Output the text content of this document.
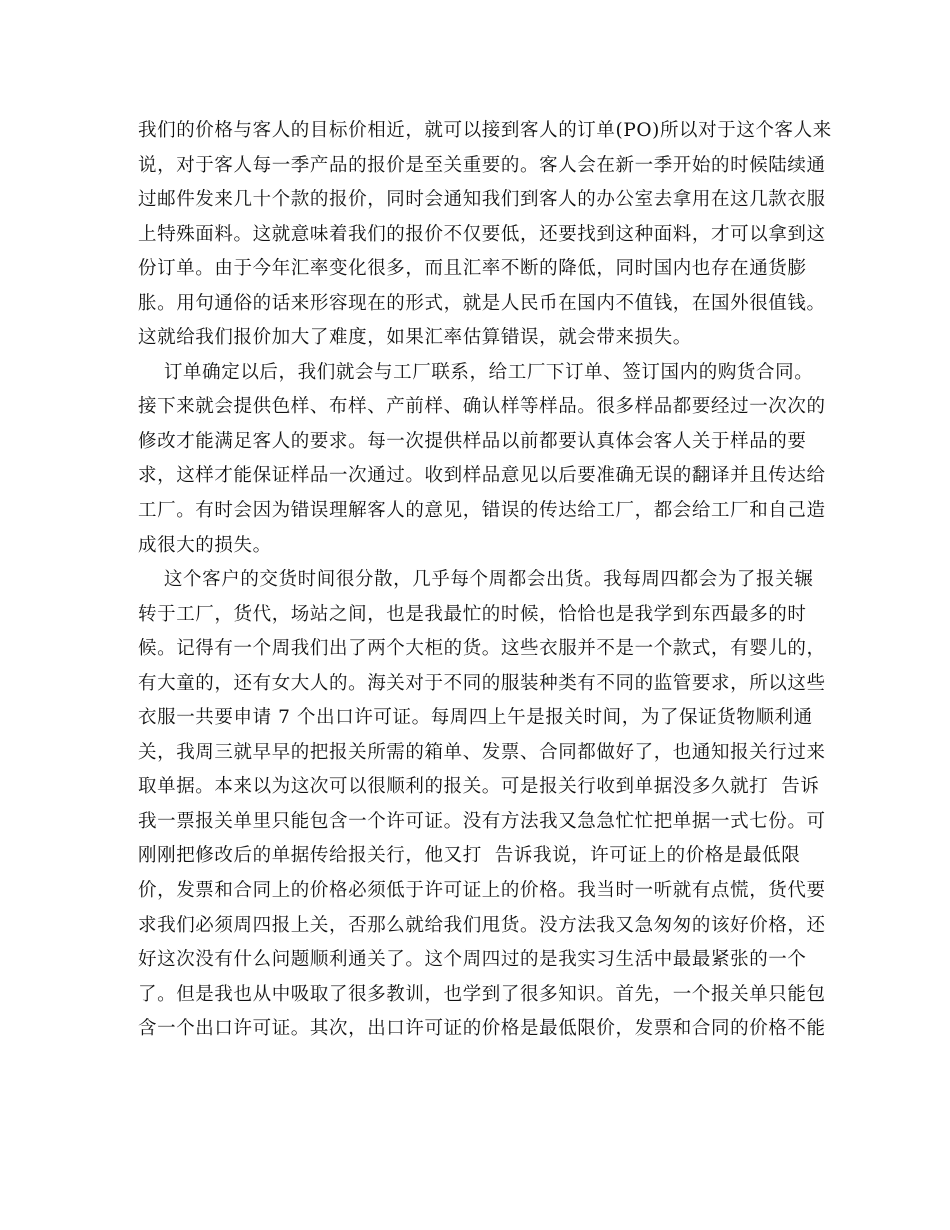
我们的价格与客人的目标价相近，就可以接到客人的订单(PO)所以对于这个客人来
说，对于客人每一季产品的报价是至关重要的。客人会在新一季开始的时候陆续通
过邮件发来几十个款的报价，同时会通知我们到客人的办公室去拿用在这几款衣服
上特殊面料。这就意味着我们的报价不仅要低，还要找到这种面料，才可以拿到这
份订单。由于今年汇率变化很多，而且汇率不断的降低，同时国内也存在通货膨
胀。用句通俗的话来形容现在的形式，就是人民币在国内不值钱，在国外很值钱。
这就给我们报价加大了难度，如果汇率估算错误，就会带来损失。
订单确定以后，我们就会与工厂联系，给工厂下订单、签订国内的购货合同。
接下来就会提供色样、布样、产前样、确认样等样品。很多样品都要经过一次次的
修改才能满足客人的要求。每一次提供样品以前都要认真体会客人关于样品的要
求，这样才能保证样品一次通过。收到样品意见以后要准确无误的翻译并且传达给
工厂。有时会因为错误理解客人的意见，错误的传达给工厂，都会给工厂和自己造
成很大的损失。
这个客户的交货时间很分散，几乎每个周都会出货。我每周四都会为了报关辗
转于工厂，货代，场站之间，也是我最忙的时候，恰恰也是我学到东西最多的时
候。记得有一个周我们出了两个大柜的货。这些衣服并不是一个款式，有婴儿的，
有大童的，还有女大人的。海关对于不同的服装种类有不同的监管要求，所以这些
衣服一共要申请 7 个出口许可证。每周四上午是报关时间，为了保证货物顺利通
关，我周三就早早的把报关所需的箱单、发票、合同都做好了，也通知报关行过来
取单据。本来以为这次可以很顺利的报关。可是报关行收到单据没多久就打  告诉
我一票报关单里只能包含一个许可证。没有方法我又急急忙忙把单据一式七份。可
刚刚把修改后的单据传给报关行，他又打  告诉我说，许可证上的价格是最低限
价，发票和合同上的价格必须低于许可证上的价格。我当时一听就有点慌，货代要
求我们必须周四报上关，否那么就给我们甩货。没方法我又急匆匆的该好价格，还
好这次没有什么问题顺利通关了。这个周四过的是我实习生活中最最紧张的一个
了。但是我也从中吸取了很多教训，也学到了很多知识。首先，一个报关单只能包
含一个出口许可证。其次，出口许可证的价格是最低限价，发票和合同的价格不能
